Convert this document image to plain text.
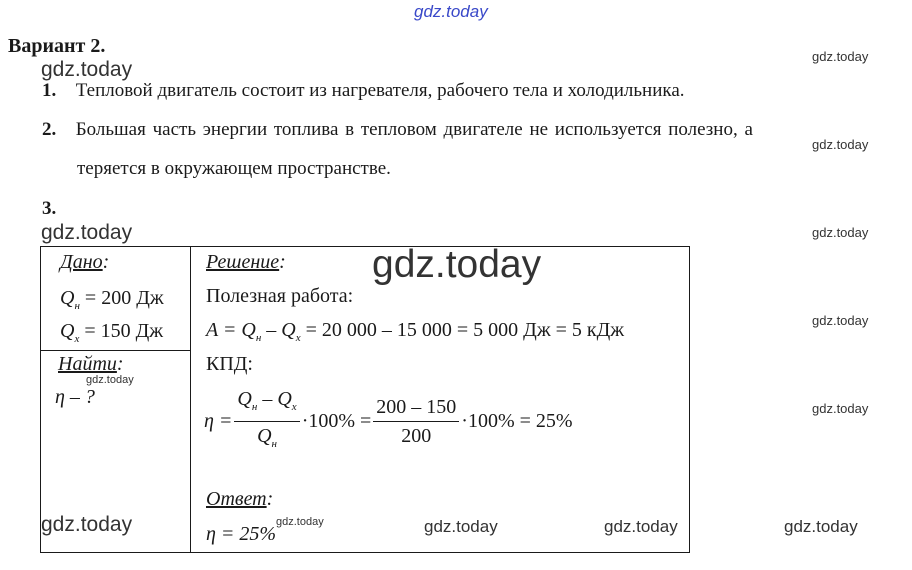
gdz.today
Вариант 2.
gdz.today
gdz.today
gdz.today
gdz.today
gdz.today
gdz.today
gdz.today
gdz.today
gdz.today	gdz.today	gdz.today
1. Тепловой двигатель состоит из нагревателя, рабочего тела и холодильника.
2. Большая часть энергии топлива в тепловом двигателе не используется полезно, а
теряется в окружающем пространстве.
3.
Дано:
$Q_н = 200$ Дж
$Q_х = 150$ Дж
Найти:
gdz.today
η – ?
Решение: gdz.today
Полезная работа:
$A = Q_н - Q_х = 20$ 000 – 15 000 = 5 000 Дж = 5 кДж
КПД:
$\eta = \frac{Q_н - Q_х}{Q_н} \cdot 100\% = \frac{200 - 150}{200} \cdot 100\% = 25\%$
Ответ:
η = 25%
gdz.today
